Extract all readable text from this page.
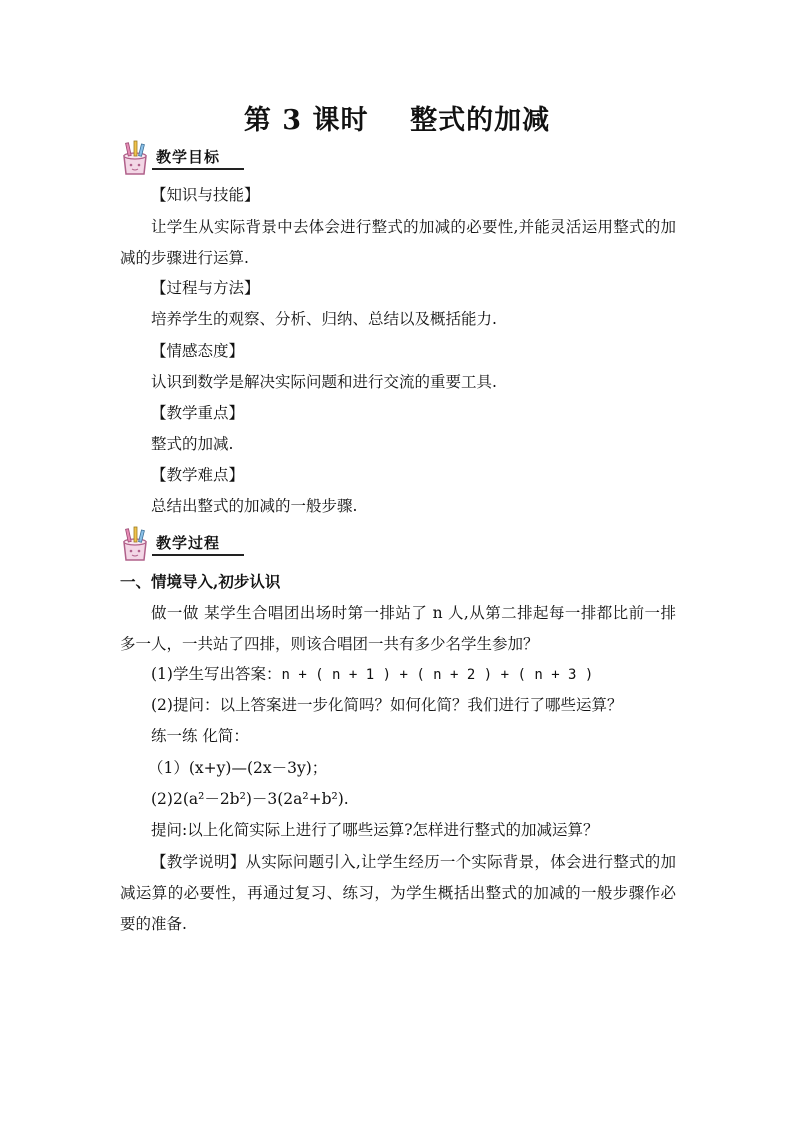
第 3 课时    整式的加减
教学目标
【知识与技能】
让学生从实际背景中去体会进行整式的加减的必要性,并能灵活运用整式的加减的步骤进行运算.
【过程与方法】
培养学生的观察、分析、归纳、总结以及概括能力.
【情感态度】
认识到数学是解决实际问题和进行交流的重要工具.
【教学重点】
整式的加减.
【教学难点】
总结出整式的加减的一般步骤.
教学过程
一、情境导入,初步认识
做一做 某学生合唱团出场时第一排站了 n 人,从第二排起每一排都比前一排多一人，一共站了四排，则该合唱团一共有多少名学生参加？
(1)学生写出答案：n + ( n + 1 ) + ( n + 2 ) + ( n + 3 )
(2)提问：以上答案进一步化简吗？如何化简？我们进行了哪些运算？
练一练 化简：
（1）(x+y)—(2x－3y)；
(2)2(a²－2b²)－3(2a²+b²).
提问:以上化简实际上进行了哪些运算?怎样进行整式的加减运算？
【教学说明】从实际问题引入,让学生经历一个实际背景，体会进行整式的加减运算的必要性，再通过复习、练习，为学生概括出整式的加减的一般步骤作必要的准备.
